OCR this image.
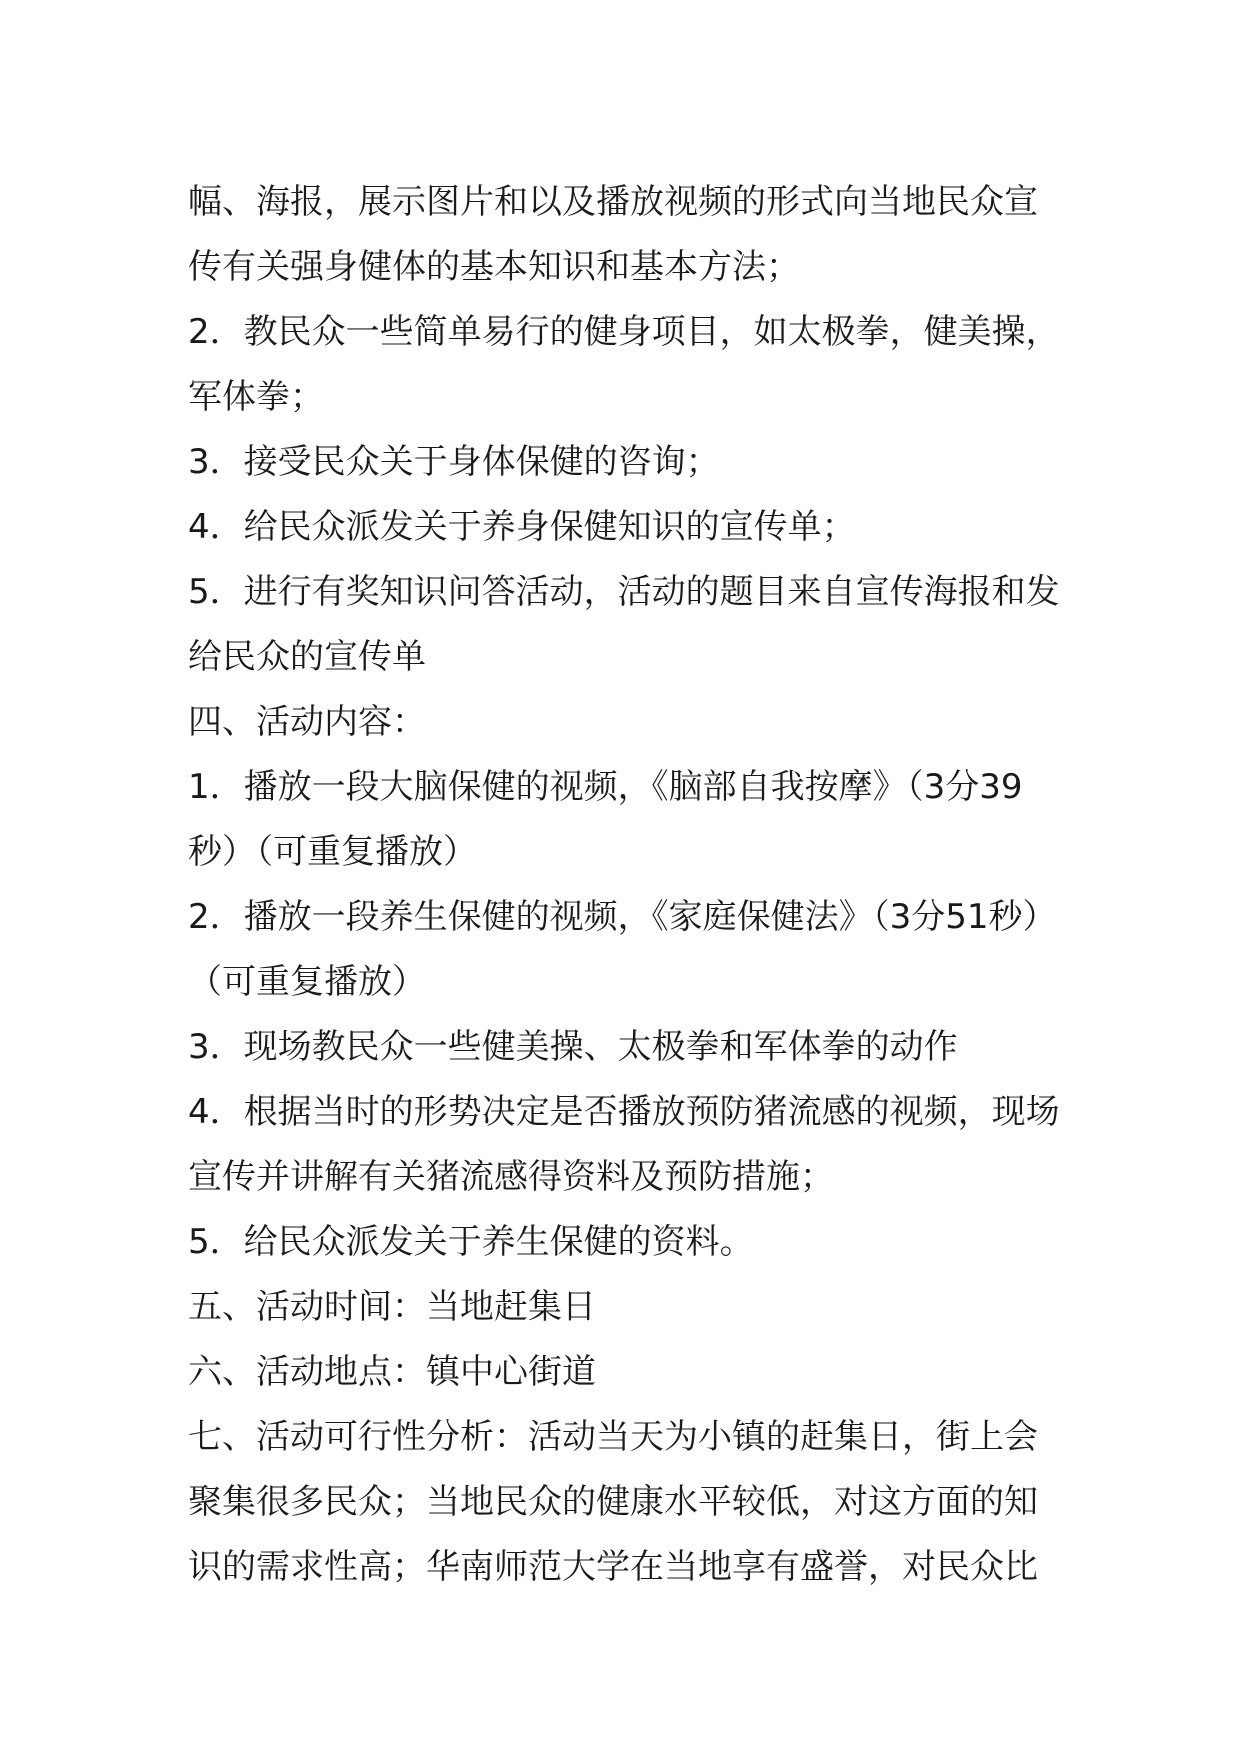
幅、海报，展示图片和以及播放视频的形式向当地民众宣传有关强身健体的基本知识和基本方法；

2．教民众一些简单易行的健身项目，如太极拳，健美操，军体拳；

3．接受民众关于身体保健的咨询；

4．给民众派发关于养身保健知识的宣传单；

5．进行有奖知识问答活动，活动的题目来自宣传海报和发给民众的宣传单

四、活动内容：

1．播放一段大脑保健的视频，《脑部自我按摩》（3分39秒）（可重复播放）

2．播放一段养生保健的视频，《家庭保健法》（3分51秒）（可重复播放）

3．现场教民众一些健美操、太极拳和军体拳的动作

4．根据当时的形势决定是否播放预防猪流感的视频，现场宣传并讲解有关猪流感得资料及预防措施；

5．给民众派发关于养生保健的资料。

五、活动时间：当地赶集日

六、活动地点：镇中心街道

七、活动可行性分析：活动当天为小镇的赶集日，街上会聚集很多民众；当地民众的健康水平较低，对这方面的知识的需求性高；华南师范大学在当地享有盛誉，对民众比
